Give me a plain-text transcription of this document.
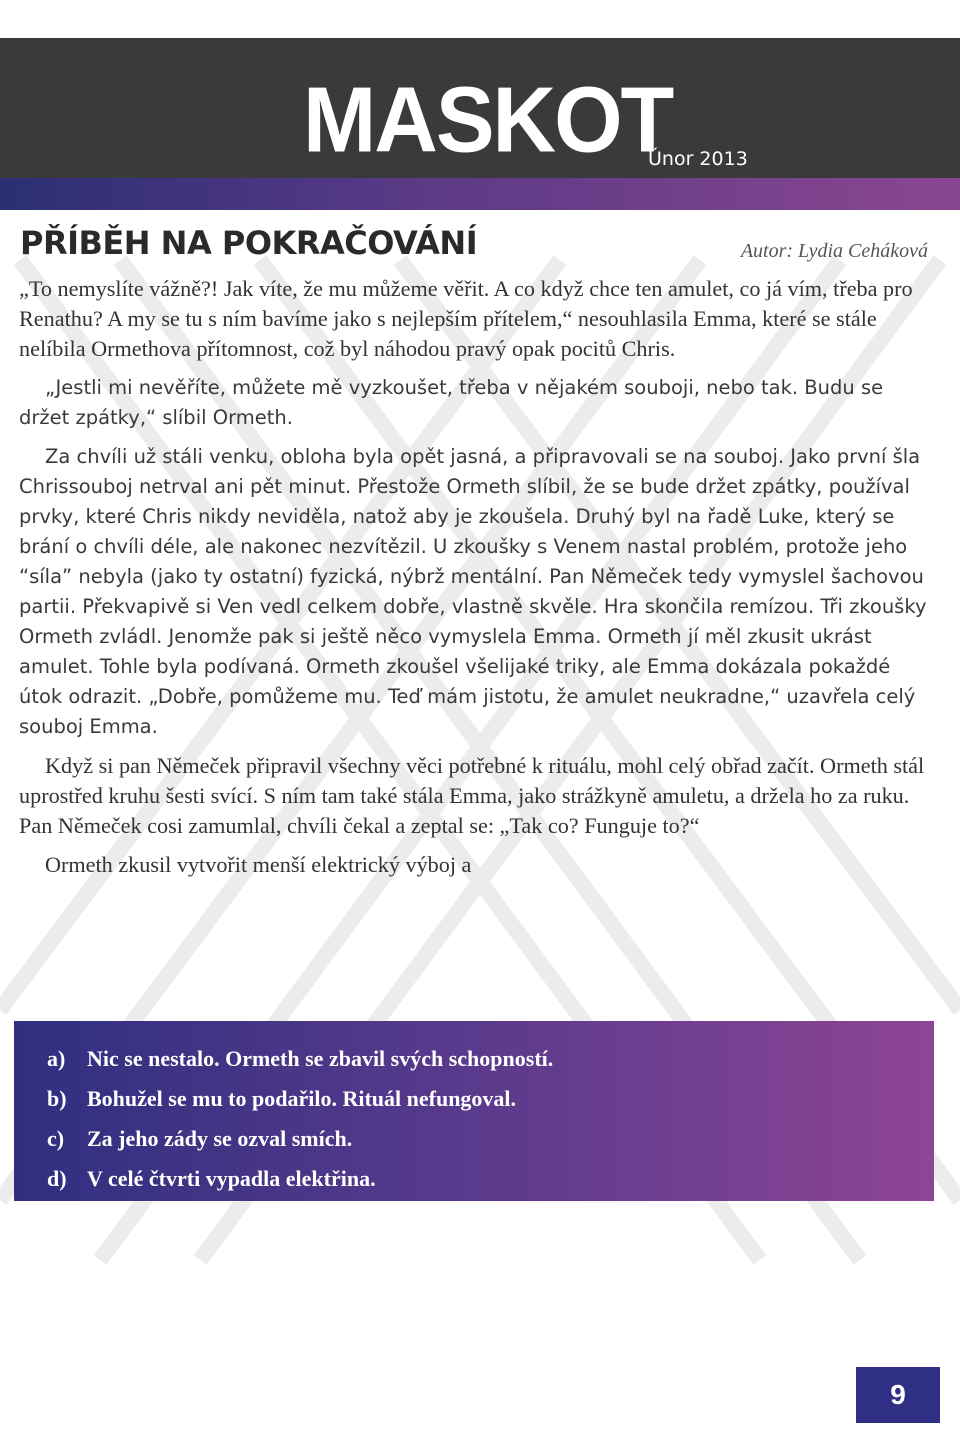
MASKOT
Únor 2013
PŘÍBĚH NA POKRAČOVÁNÍ	Autor: Lydia Ceháková

„To nemyslíte vážně?! Jak víte, že mu můžeme věřit. A co když chce ten amulet, co já vím, třeba pro Renathu? A my se tu s ním bavíme jako s nejlepším přítelem,“ nesouhlasila Emma, které se stále nelíbila Ormethova přítomnost, což byl náhodou pravý opak pocitů Chris.

„Jestli mi nevěříte, můžete mě vyzkoušet, třeba v nějakém souboji, nebo tak. Budu se držet zpátky,“ slíbil Ormeth.

Za chvíli už stáli venku, obloha byla opět jasná, a připravovali se na souboj. Jako první šla Chrissouboj netrval ani pět minut. Přestože Ormeth slíbil, že se bude držet zpátky, používal prvky, které Chris nikdy neviděla, natož aby je zkoušela. Druhý byl na řadě Luke, který se brání o chvíli déle, ale nakonec nezvítězil. U zkoušky s Venem nastal problém, protože jeho “síla” nebyla (jako ty ostatní) fyzická, nýbrž mentální. Pan Němeček tedy vymyslel šachovou partii. Překvapivě si Ven vedl celkem dobře, vlastně skvěle. Hra skončila remízou. Tři zkoušky Ormeth zvládl. Jenomže pak si ještě něco vymyslela Emma. Ormeth jí měl zkusit ukrást amulet. Tohle byla podívaná. Ormeth zkoušel všelijaké triky, ale Emma dokázala pokaždé útok odrazit. „Dobře, pomůžeme mu. Teď mám jistotu, že amulet neukradne,“ uzavřela celý souboj Emma.

Když si pan Němeček připravil všechny věci potřebné k rituálu, mohl celý obřad začít. Ormeth stál uprostřed kruhu šesti svící. S ním tam také stála Emma, jako strážkyně amuletu, a držela ho za ruku. Pan Němeček cosi zamumlal, chvíli čekal a zeptal se: „Tak co? Funguje to?“

Ormeth zkusil vytvořit menší elektrický výboj a

a) Nic se nestalo. Ormeth se zbavil svých schopností.
b) Bohužel se mu to podařilo. Rituál nefungoval.
c)	Za jeho zády se ozval smích.
d) V celé čtvrti vypadla elektřina.
9
